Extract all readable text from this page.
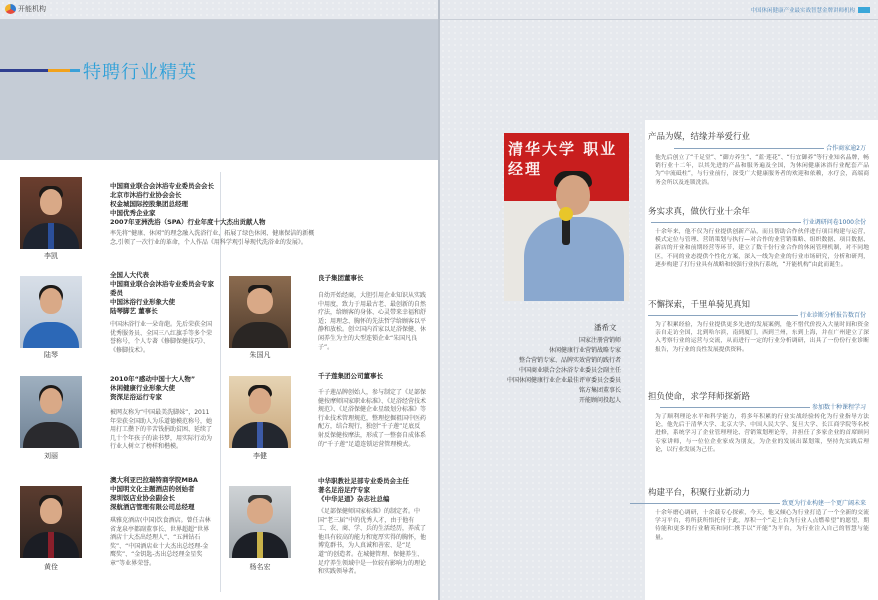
开能机构
特聘行业精英
李凯
中国商业联合会沐浴专业委员会会长
北京市沐浴行业协会会长
权金城国际控股集团总经理
中国优秀企业家
2007年亚洲洗浴（SPA）行业年度十大杰出贡献人物
率先将“健康、休闲”的理念融入洗浴行业，拓展了绿色休闲、健康保洁的新概念,引领了一次行业的革命，个人作品《用科学观引导现代洗浴业的发展》。
陆琴
全国人大代表
中国商业联合会沐浴专业委员会专家委员
中国沐浴行业形象大使
陆琴脚艺 董事长
中国沐浴行业一朵奇葩。先后荣获全国优秀服务员、全国三八红旗手等多个荣誉称号，个人专著《修脚保健技巧》、《修脚技术》。
刘丽
2010年“感动中国十大人物”
休闲健康行业形象大使
资深足浴运行专家
被网友称为“中国最美洗脚妹”，2011年荣获全国助人为乐道德模范称号，她用打工攒下的辛苦钱捐助贫困、延续了几十个年孩子的读书梦，用实际行动为行业人树立了榜样和楷模。
黄佺
澳大利亚巴拉瑞特商学院MBA
中国明文化主题酒店的创始者
深圳饭店业协会副会长
深航酒店管理有限公司总经理
琪雅克酒店(中国)饮食酒店。曾任吉林省龙泉亭都副董事长、世界超超“世界酒店十大杰出经理人”、“五洲钻石奖”、“中国酒店业十大杰出总经理-金鹰奖”、“金钥匙-杰出总经理金星奖章”等业界荣誉。
朱国凡
良子集团董事长
自幼开始经商，大胆引用企业知识从实践中用度，致力于用最古老、最创新的自然疗法，给顾客的身体、心灵带来幸福和舒适；用理念、胸怀的先法哲学给顾客以平静和放松。创立国内首家以足浴保健、休闲养生为主的大型连锁企业“朱国凡良子”。
李健
千子莲集团公司董事长
千子莲品牌创始人，参与制定了《足部保健按摩师国家职业标准》、《足浴经营技术规范》、《足浴保健企业星级划分标准》等行业技术管理规范，整理挖掘祖国中医药配方，结合现行，独创“千子莲”足底反射反保健按摩法，形成了一整套自成体系的“千子莲”足道连锁运营管理模式。
杨名宏
中华职教社足部专业委员会主任
著名足浴足疗专家
《中华足道》杂志社总编
《足部保健师国家标准》的制定者。中国“老三届”中的优秀人才，由于他有工、农、商、学、兵的生活经历，养成了他具有较高的能力和宽厚实得的胸怀，他博览群书，为人真诚和善宏、是“足道”的创造者。在城健管理、保健养生、足疗养生领域中是一位较有影响力的理论和实践领导者。
中国休闲健康产业最实战智慧金牌讲师机构
清华大学 职业经理
潘希文
国家注册营销师
休闲健康行业营销战略专家
整合营销专家、品牌实效营销的践行者
中国商业联合会沐浴专业委员会副主任
中国休闲健康行业企业最佳评审委员会委员
铭方集团董事长
开能顾问投起人
产品为媒，结缘并举爱行业
合作商家逾2万
他先后创立了“千足堂”、“御方养生”、“蓝·莲花”、“行宜御养”等行业知名品牌，畅销行业十二年，以其先进的产品和服务遍及全国，为休闲健康沐浴行业配套产品为“中流砥柱”，与行业前行，深受广大健康服务者的欢迎和依赖，水疗会，高端商务会所以及连锁洗浴。
务实求真，做伙行业十余年
行业调研问卷1000余份
十余年来，他不仅为行业提供创新产品，而且帮助合作伙伴进行项目构建与运营，模式定位与管理、营销策划与执行—对合作的业营销策略、组织数据、项目数据、新店的开业和前期经营等环节，建立了数千份行业合作的休闲管理机制，对不同地区，不同的业态提供个性化方案，深入一线为企业的行业市场研究，分析和研判，逐步构建了打行业具有战略和较强行业执行系统，“开能机构”由此而诞生。
不懈探索，千里单骑见真知
行业诊断分析报告数百份
为了积累经验，为行业提供更多先进的发展案例，他不惜代价投入大量时间和资金亲自走访全国，北到哈尔滨，南到厦门，西到兰州，东到上海，并在广州建立了深入考察行业的运营与交流，从而进行一定的行业分析调研，出具了一份份行业诊断报告，为行业的良性发展提供资料。
担负使命，求学拜师探新路
参加数十种课程学习
为了顺利理论水平和科学能力，将多年积累的行业实战经验转化为行业指导方法论，他先后于清华大学、北京大学、中国人民大学、复旦大学、长江商学院等名校进修，系统学习了企业管理理论、营销策划理论等，并担任了多家企业的首席顾问专家讲师，与一位位企业家成为朋友，为企业的发展出谋划策，坚持先实践后理论，以行业发展为己任。
构建平台，积聚行业新动力
致更为行业构建一个更广阔未来
十余年磨心调研，十余载专心探索，今天，他又倾心为行业打造了一个全新的交流学习平台，将所获所悟托付于此，厚积一个“走上台为行业人点燃希望”的愿望，期待能和更多的行业精英和同仁携手以“开能”为平台，为行业注入自己的智慧与能量。
